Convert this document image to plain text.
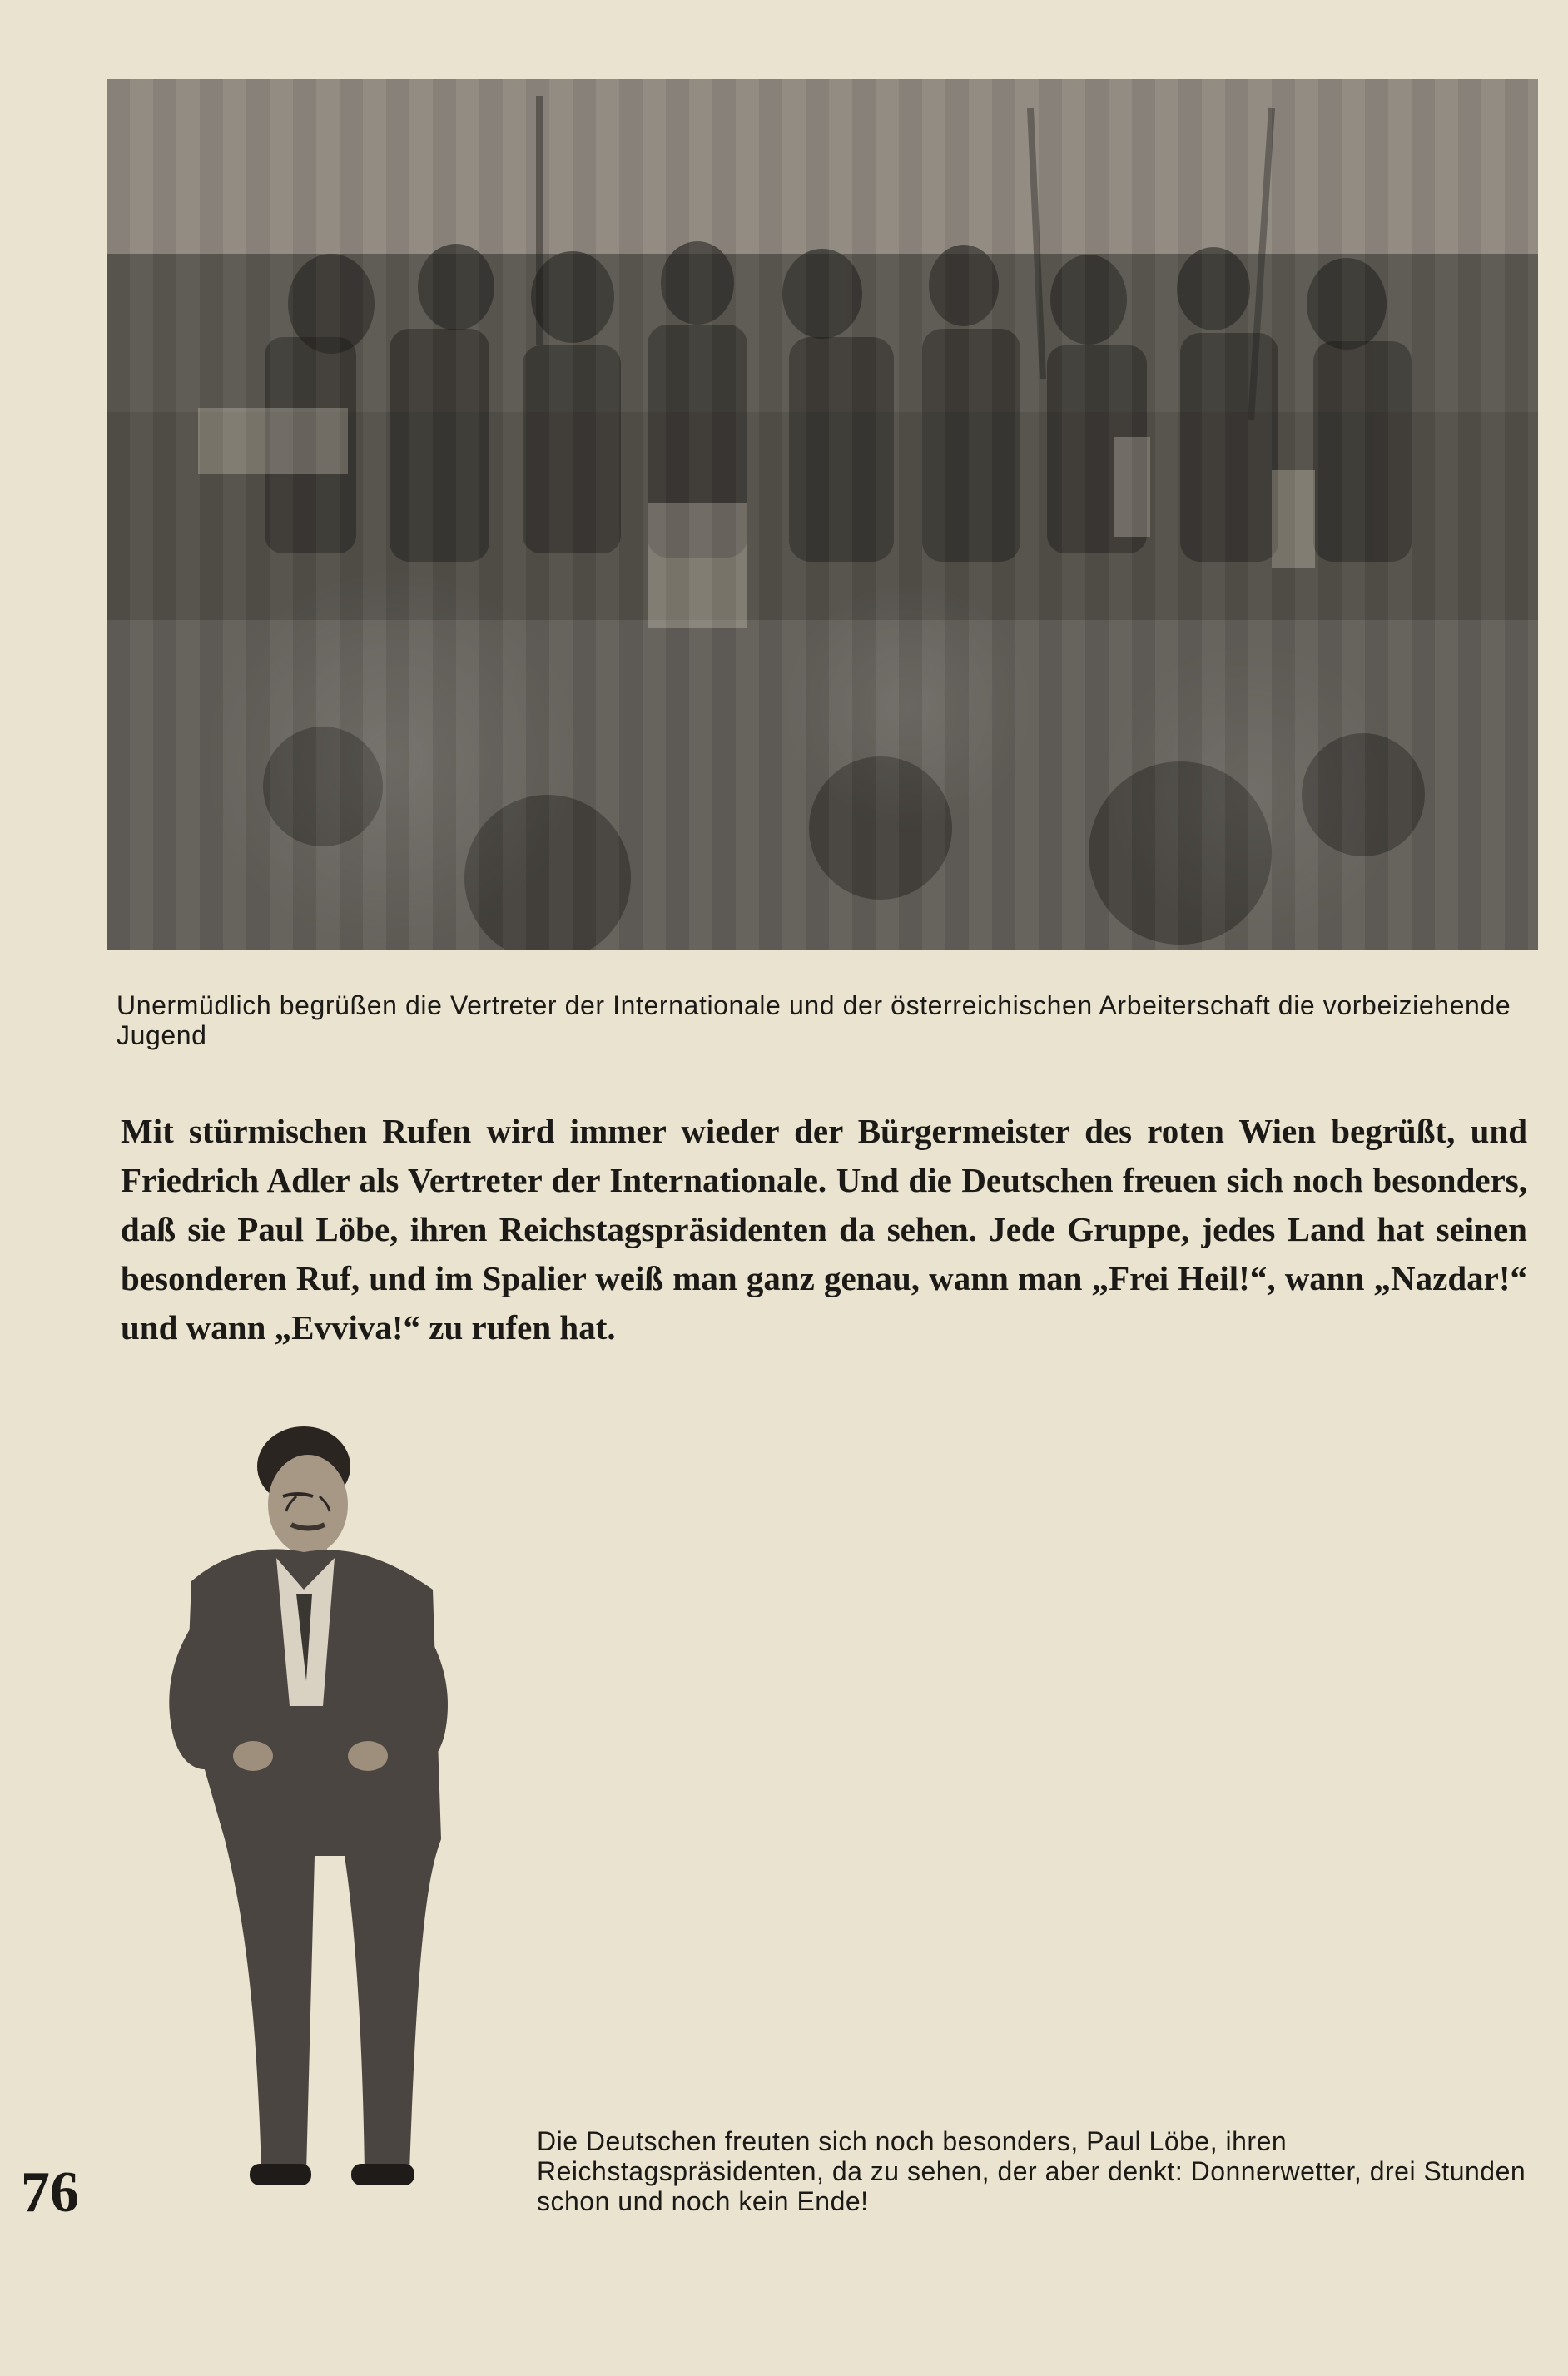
Unermüdlich begrüßen die Vertreter der Internationale und der österreichischen Arbeiterschaft die vorbeiziehende Jugend

Mit stürmischen Rufen wird immer wieder der Bürgermeister des roten Wien begrüßt, und Friedrich Adler als Vertreter der Internationale. Und die Deutschen freuen sich noch besonders, daß sie Paul Löbe, ihren Reichstagspräsidenten da sehen. Jede Gruppe, jedes Land hat seinen besonderen Ruf, und im Spalier weiß man ganz genau, wann man „Frei Heil!“, wann „Nazdar!“ und wann „Evviva!“ zu rufen hat.

76

Die Deutschen freuten sich noch besonders, Paul Löbe, ihren Reichstagspräsidenten, da zu sehen, der aber denkt: Donnerwetter, drei Stunden schon und noch kein Ende!
